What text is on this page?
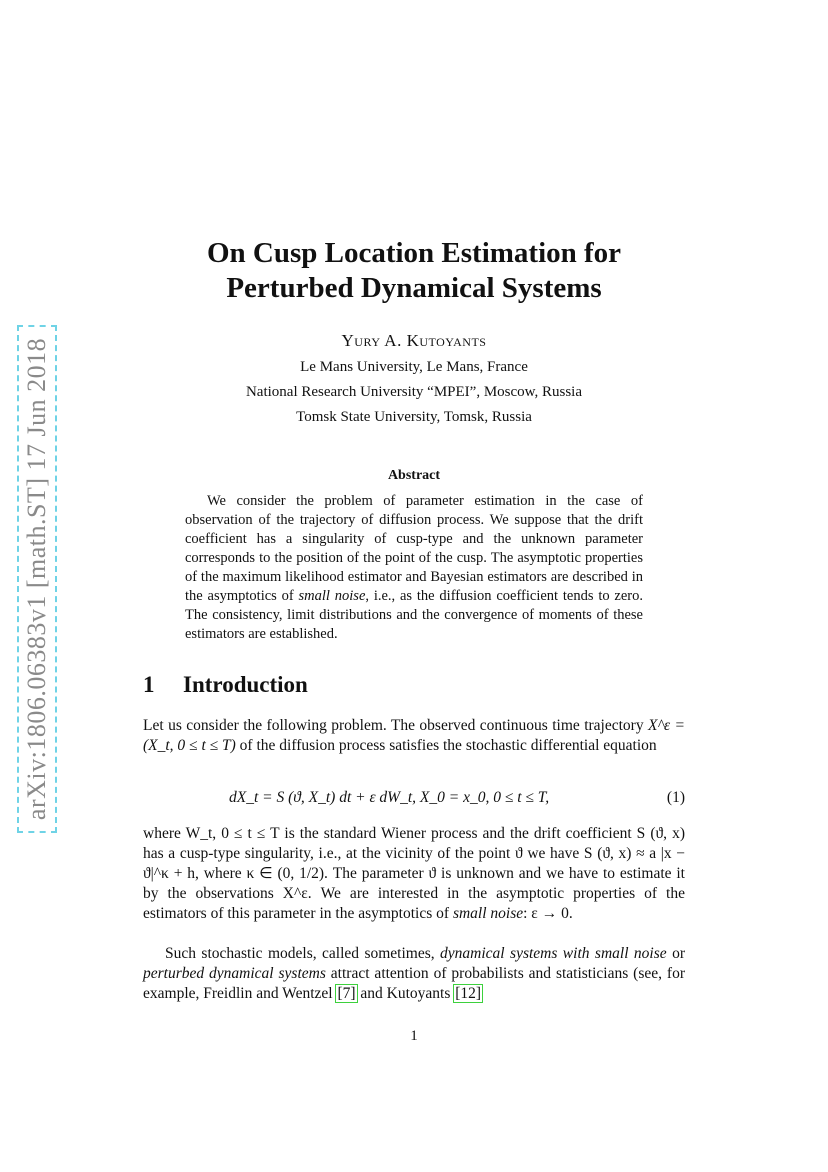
arXiv:1806.06383v1 [math.ST] 17 Jun 2018
On Cusp Location Estimation for
Perturbed Dynamical Systems
Yury A. Kutoyants
Le Mans University, Le Mans, France
National Research University “MPEI”, Moscow, Russia
Tomsk State University, Tomsk, Russia
Abstract
We consider the problem of parameter estimation in the case of observation of the trajectory of diffusion process. We suppose that the drift coefficient has a singularity of cusp-type and the unknown parameter corresponds to the position of the point of the cusp. The asymptotic properties of the maximum likelihood estimator and Bayesian estimators are described in the asymptotics of small noise, i.e., as the diffusion coefficient tends to zero. The consistency, limit distributions and the convergence of moments of these estimators are established.
1 Introduction
Let us consider the following problem. The observed continuous time trajectory X^ε = (X_t, 0 ≤ t ≤ T) of the diffusion process satisfies the stochastic differential equation
dX_t = S (ϑ, X_t) dt + ε dW_t, X_0 = x_0, 0 ≤ t ≤ T,	(1)
where W_t, 0 ≤ t ≤ T is the standard Wiener process and the drift coefficient S (ϑ, x) has a cusp-type singularity, i.e., at the vicinity of the point ϑ we have S (ϑ, x) ≈ a |x − ϑ|^κ + h, where κ ∈ (0, 1/2). The parameter ϑ is unknown and we have to estimate it by the observations X^ε. We are interested in the asymptotic properties of the estimators of this parameter in the asymptotics of small noise: ε → 0.
Such stochastic models, called sometimes, dynamical systems with small noise or perturbed dynamical systems attract attention of probabilists and statisticians (see, for example, Freidlin and Wentzel [7] and Kutoyants [12]
1
